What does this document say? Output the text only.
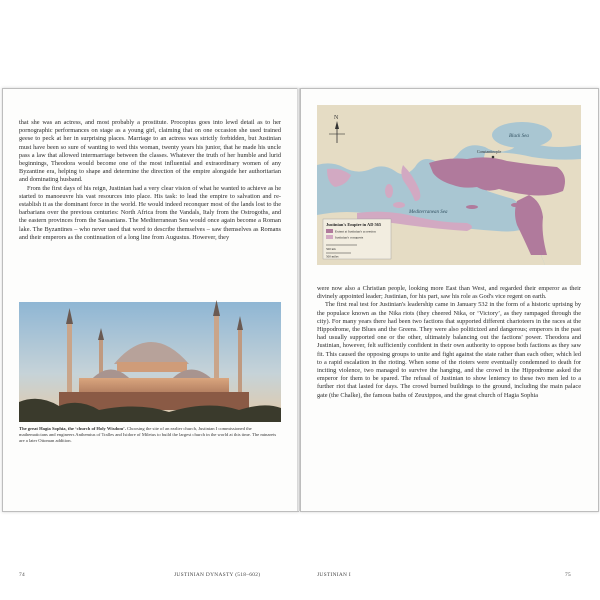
that she was an actress, and most probably a prostitute. Procopius goes into lewd detail as to her pornographic performances on stage as a young girl, claiming that on one occasion she used trained geese to peck at her in surprising places. Marriage to an actress was strictly forbidden, but Justinian must have been so sure of wanting to wed this woman, twenty years his junior, that he made his uncle pass a law that allowed intermarriage between the classes. Whatever the truth of her humble and lurid beginnings, Theodora would become one of the most influential and extraordinary women of any Byzantine era, helping to shape and determine the direction of the empire alongside her authoritarian and dominating husband.

From the first days of his reign, Justinian had a very clear vision of what he wanted to achieve as he started to manoeuvre his vast resources into place. His task: to lead the empire to salvation and re-establish it as the dominant force in the world. He would indeed reconquer most of the lands lost to the barbarians over the previous centuries: North Africa from the Vandals, Italy from the Ostrogoths, and the eastern provinces from the Sassanians. The Mediterranean Sea would once again become a Roman lake. The Byzantines – who never used that word to describe themselves – saw themselves as Romans and their emperors as the continuation of a long line from Augustus. However, they

The great Hagia Sophia, the ‘church of Holy Wisdom’. Choosing the site of an earlier church, Justinian I commissioned the mathematicians and engineers Anthemius of Tralles and Isidore of Miletus to build the largest church in the world at this time. The minarets are a later Ottoman addition.
74	JUSTINIAN DYNASTY (518–602)
N
Black Sea
Mediterranean Sea
Constantinople
Justinian's Empire in AD 565
Extent at Justinian's accession
Justinian's conquests
500 km
500 miles

were now also a Christian people, looking more East than West, and regarded their emperor as their divinely appointed leader; Justinian, for his part, saw his role as God's vice regent on earth.

The first real test for Justinian's leadership came in January 532 in the form of a historic uprising by the populace known as the Nika riots (they cheered Nika, or ‘Victory’, as they rampaged through the city). For many years there had been two factions that supported different charioteers in the races at the Hippodrome, the Blues and the Greens. They were also politicized and dangerous; emperors in the past had usually supported one or the other, ultimately balancing out the factions' power. Theodora and Justinian, however, felt sufficiently confident in their own authority to oppose both factions as they saw fit. This caused the opposing groups to unite and fight against the state rather than each other, which led to a rapid escalation in the rioting. When some of the rioters were eventually condemned to death for inciting violence, two managed to survive the hanging, and the crowd in the Hippodrome asked the emperor for them to be spared. The refusal of Justinian to show leniency to these two men led to a further riot that lasted for days. The crowd burned buildings to the ground, including the main palace gate (the Chalke), the famous baths of Zeuxippos, and the great church of Hagia Sophia

JUSTINIAN I	75
